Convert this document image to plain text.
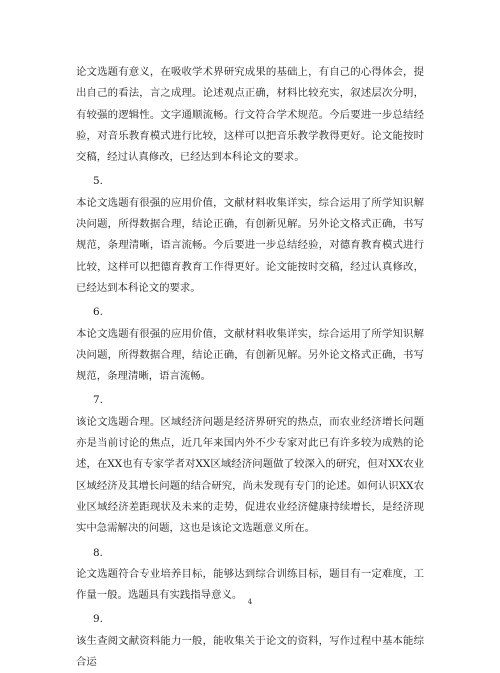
论文选题有意义，在吸收学术界研究成果的基础上，有自己的心得体会，提出自己的看法，言之成理。论述观点正确，材料比较充实，叙述层次分明，有较强的逻辑性。文字通顺流畅。行文符合学术规范。今后要进一步总结经验，对音乐教育模式进行比较，这样可以把音乐教学教得更好。论文能按时交稿，经过认真修改，已经达到本科论文的要求。

5.

本论文选题有很强的应用价值，文献材料收集详实，综合运用了所学知识解决问题，所得数据合理，结论正确，有创新见解。另外论文格式正确，书写规范，条理清晰，语言流畅。今后要进一步总结经验，对德育教育模式进行比较，这样可以把德育教育工作得更好。论文能按时交稿，经过认真修改，已经达到本科论文的要求。

6.

本论文选题有很强的应用价值，文献材料收集详实，综合运用了所学知识解决问题，所得数据合理，结论正确，有创新见解。另外论文格式正确，书写规范，条理清晰，语言流畅。

7.

该论文选题合理。区域经济问题是经济界研究的热点，而农业经济增长问题亦是当前讨论的焦点，近几年来国内外不少专家对此已有许多较为成熟的论述，在XX也有专家学者对XX区域经济问题做了较深入的研究，但对XX农业区域经济及其增长问题的结合研究，尚未发现有专门的论述。如何认识XX农业区域经济差距现状及未来的走势，促进农业经济健康持续增长，是经济现实中急需解决的问题，这也是该论文选题意义所在。

8.

论文选题符合专业培养目标，能够达到综合训练目标，题目有一定难度，工作量一般。选题具有实践指导意义。

9.

该生查阅文献资料能力一般，能收集关于论文的资料，写作过程中基本能综合运

4
